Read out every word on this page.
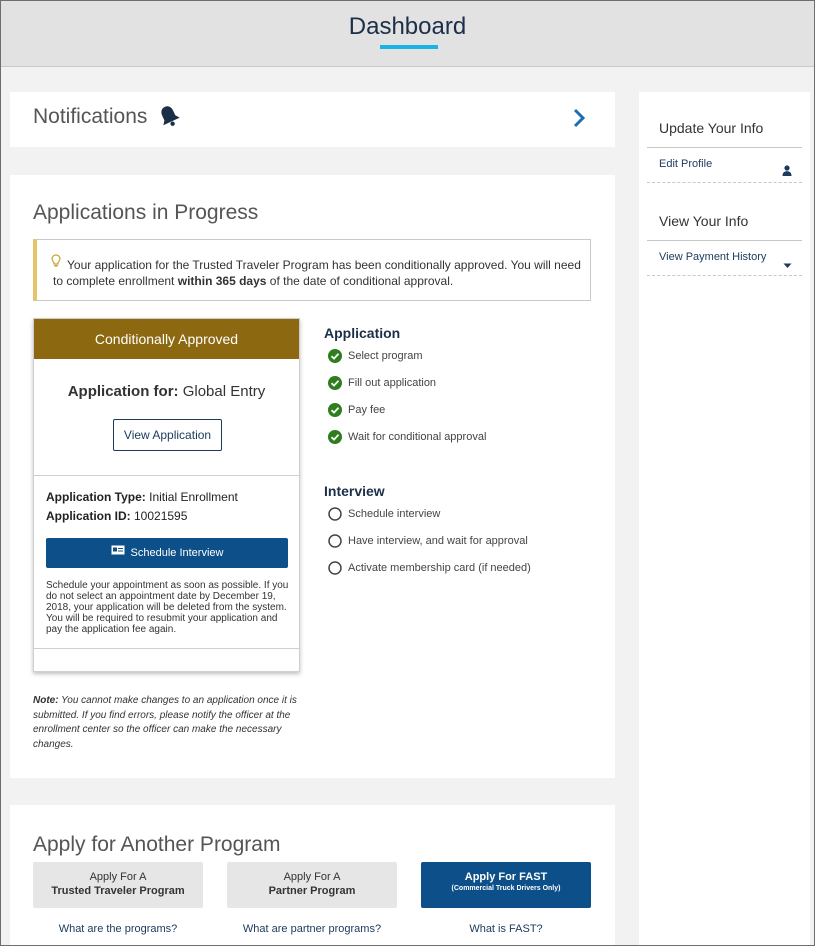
Dashboard
Notifications
Applications in Progress
Your application for the Trusted Traveler Program has been conditionally approved. You will need to complete enrollment within 365 days of the date of conditional approval.
Conditionally Approved
Application for: Global Entry
View Application
Application Type: Initial Enrollment
Application ID: 10021595
Schedule Interview
Schedule your appointment as soon as possible. If you do not select an appointment date by December 19, 2018, your application will be deleted from the system. You will be required to resubmit your application and pay the application fee again.
Note: You cannot make changes to an application once it is submitted. If you find errors, please notify the officer at the enrollment center so the officer can make the necessary changes.
Application
Select program
Fill out application
Pay fee
Wait for conditional approval
Interview
Schedule interview
Have interview, and wait for approval
Activate membership card (if needed)
Update Your Info
Edit Profile
View Your Info
View Payment History
Apply for Another Program
Apply For A
Trusted Traveler Program
Apply For A
Partner Program
Apply For FAST
(Commercial Truck Drivers Only)
What are the programs?	What are partner programs?	What is FAST?
